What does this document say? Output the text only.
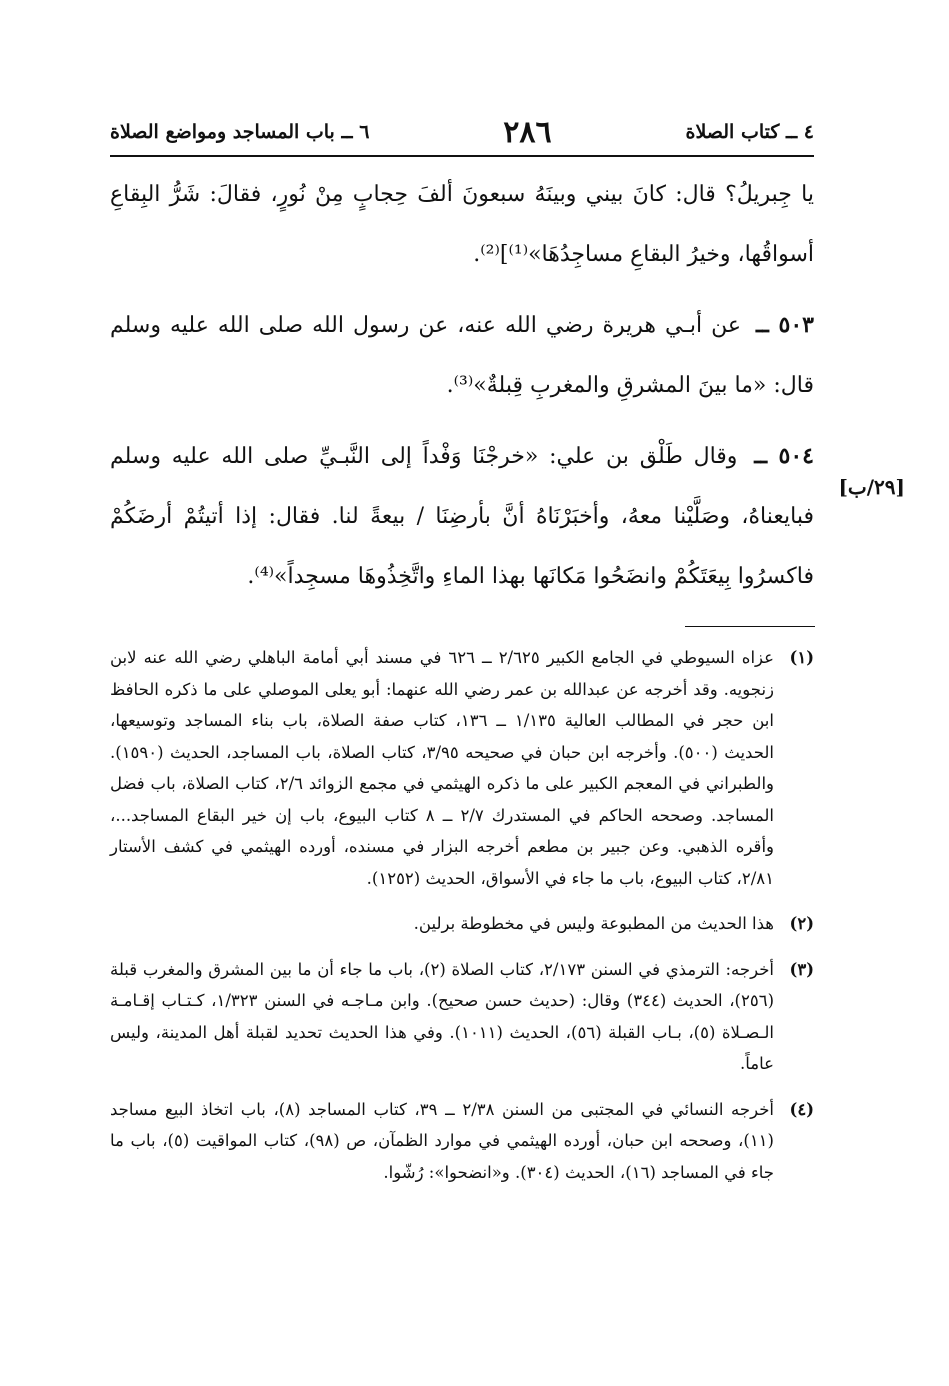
٤ ــ كتاب الصلاة
٢٨٦
٦ ــ باب المساجد ومواضع الصلاة

يا جِبريلُ؟ قال: كانَ بيني وبينَهُ سبعونَ ألفَ حِجابٍ مِنْ نُورٍ، فقالَ: شَرُّ البِقاعِ أسواقُها، وخيرُ البقاعِ مساجِدُهَا»⁽¹⁾]⁽²⁾.

٥٠٣ ــ عن أبـي هريرة رضي الله عنه، عن رسول الله صلى الله عليه وسلم قال: «ما بينَ المشرقِ والمغربِ قِبلةٌ»⁽³⁾.

٥٠٤ ــ وقال طَلْق بن علي: «خرجْنَا وَفْداً إلى النَّبـيِّ صلى الله عليه وسلم فبايعناهُ، وصَلَّيْنا معهُ، وأخبَرْنَاهُ أنَّ بأرضِنَا / بيعةً لنا. فقال: إذا أتيتُمْ أرضَكُمْ فاكسرُوا بِيعَتَكُمْ وانضَحُوا مَكانَها بهذا الماءِ واتَّخِذُوهَا مسجِداً»⁽⁴⁾.

[٢٩/ب]
(١)
عزاه السيوطي في الجامع الكبير ٢/٦٢٥ ــ ٦٢٦ في مسند أبي أمامة الباهلي رضي الله عنه لابن زنجويه. وقد أخرجه عن عبدالله بن عمر رضي الله عنهما: أبو يعلى الموصلي على ما ذكره الحافظ ابن حجر في المطالب العالية ١/١٣٥ ــ ١٣٦، كتاب صفة الصلاة، باب بناء المساجد وتوسيعها، الحديث (٥٠٠). وأخرجه ابن حبان في صحيحه ٣/٩٥، كتاب الصلاة، باب المساجد، الحديث (١٥٩٠). والطبراني في المعجم الكبير على ما ذكره الهيثمي في مجمع الزوائد ٢/٦، كتاب الصلاة، باب فضل المساجد. وصححه الحاكم في المستدرك ٢/٧ ــ ٨ كتاب البيوع، باب إن خير البقاع المساجد...، وأقره الذهبي. وعن جبير بن مطعم أخرجه البزار في مسنده، أورده الهيثمي في كشف الأستار ٢/٨١، كتاب البيوع، باب ما جاء في الأسواق، الحديث (١٢٥٢).
(٢)
هذا الحديث من المطبوعة وليس في مخطوطة برلين.
(٣)
أخرجه: الترمذي في السنن ٢/١٧٣، كتاب الصلاة (٢)، باب ما جاء أن ما بين المشرق والمغرب قبلة (٢٥٦)، الحديث (٣٤٤) وقال: (حديث حسن صحيح). وابن مـاجـه في السنن ١/٣٢٣، كـتـاب إقـامـة الـصـلاة (٥)، بـاب القبلة (٥٦)، الحديث (١٠١١). وفي هذا الحديث تحديد لقبلة أهل المدينة، وليس عاماً.
(٤)
أخرجه النسائي في المجتبى من السنن ٢/٣٨ ــ ٣٩، كتاب المساجد (٨)، باب اتخاذ البيع مساجد (١١)، وصححه ابن حبان، أورده الهيثمي في موارد الظمآن، ص (٩٨)، كتاب المواقيت (٥)، باب ما جاء في المساجد (١٦)، الحديث (٣٠٤). و«انضحوا»: رُشّوا.
